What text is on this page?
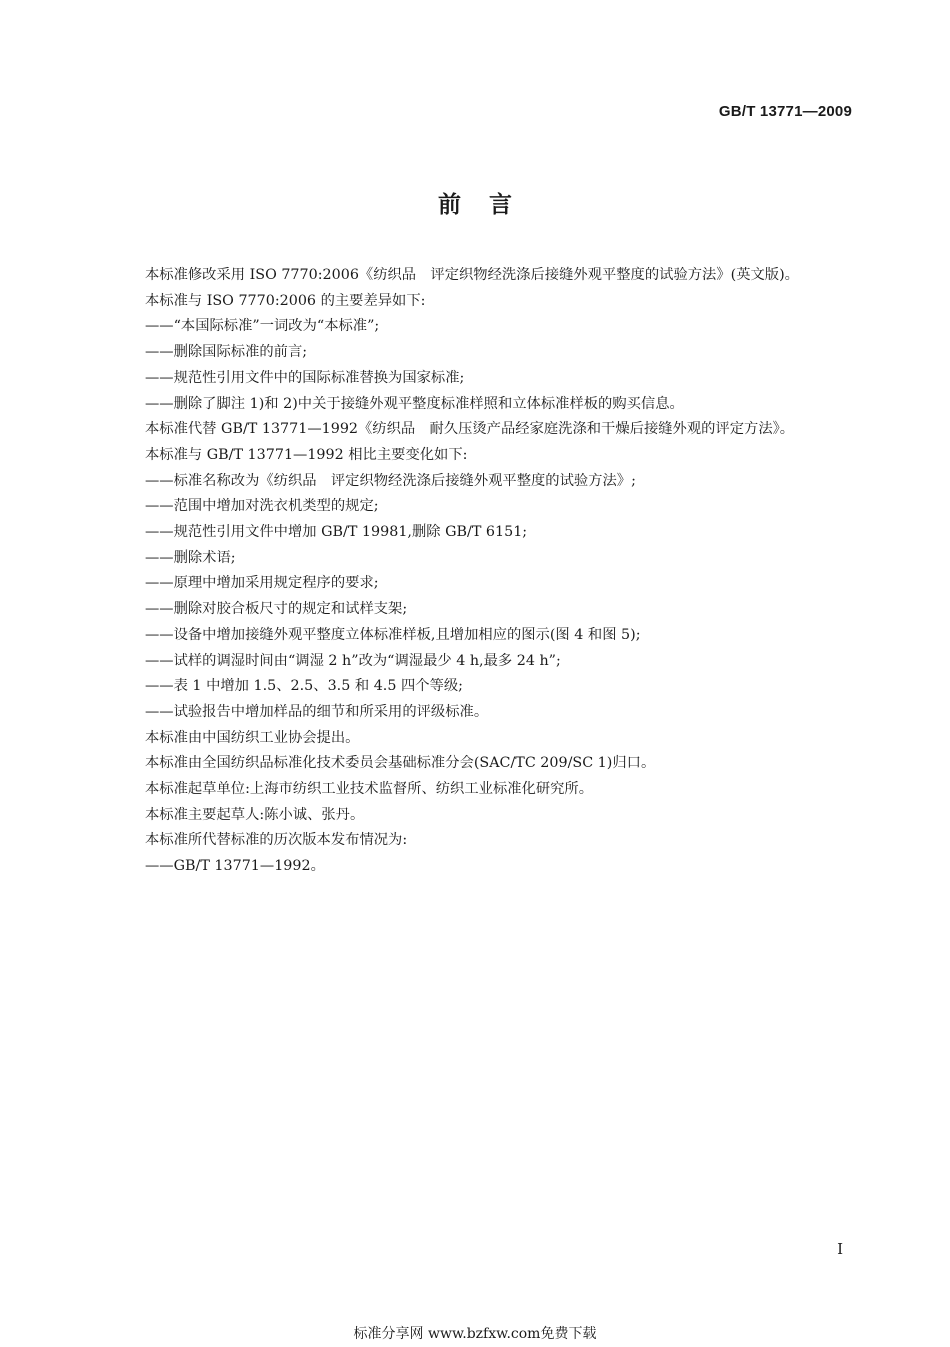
GB/T 13771—2009
前言
本标准修改采用 ISO 7770:2006《纺织品　评定织物经洗涤后接缝外观平整度的试验方法》(英文版)。
本标准与 ISO 7770:2006 的主要差异如下:
——“本国际标准”一词改为“本标准”;
——删除国际标准的前言;
——规范性引用文件中的国际标准替换为国家标准;
——删除了脚注 1)和 2)中关于接缝外观平整度标准样照和立体标准样板的购买信息。
本标准代替 GB/T 13771—1992《纺织品　耐久压烫产品经家庭洗涤和干燥后接缝外观的评定方法》。
本标准与 GB/T 13771—1992 相比主要变化如下:
——标准名称改为《纺织品　评定织物经洗涤后接缝外观平整度的试验方法》;
——范围中增加对洗衣机类型的规定;
——规范性引用文件中增加 GB/T 19981,删除 GB/T 6151;
——删除术语;
——原理中增加采用规定程序的要求;
——删除对胶合板尺寸的规定和试样支架;
——设备中增加接缝外观平整度立体标准样板,且增加相应的图示(图 4 和图 5);
——试样的调湿时间由“调湿 2 h”改为“调湿最少 4 h,最多 24 h”;
——表 1 中增加 1.5、2.5、3.5 和 4.5 四个等级;
——试验报告中增加样品的细节和所采用的评级标准。
本标准由中国纺织工业协会提出。
本标准由全国纺织品标准化技术委员会基础标准分会(SAC/TC 209/SC 1)归口。
本标准起草单位:上海市纺织工业技术监督所、纺织工业标准化研究所。
本标准主要起草人:陈小诚、张丹。
本标准所代替标准的历次版本发布情况为:
——GB/T 13771—1992。
I
标准分享网 www.bzfxw.com免费下载
